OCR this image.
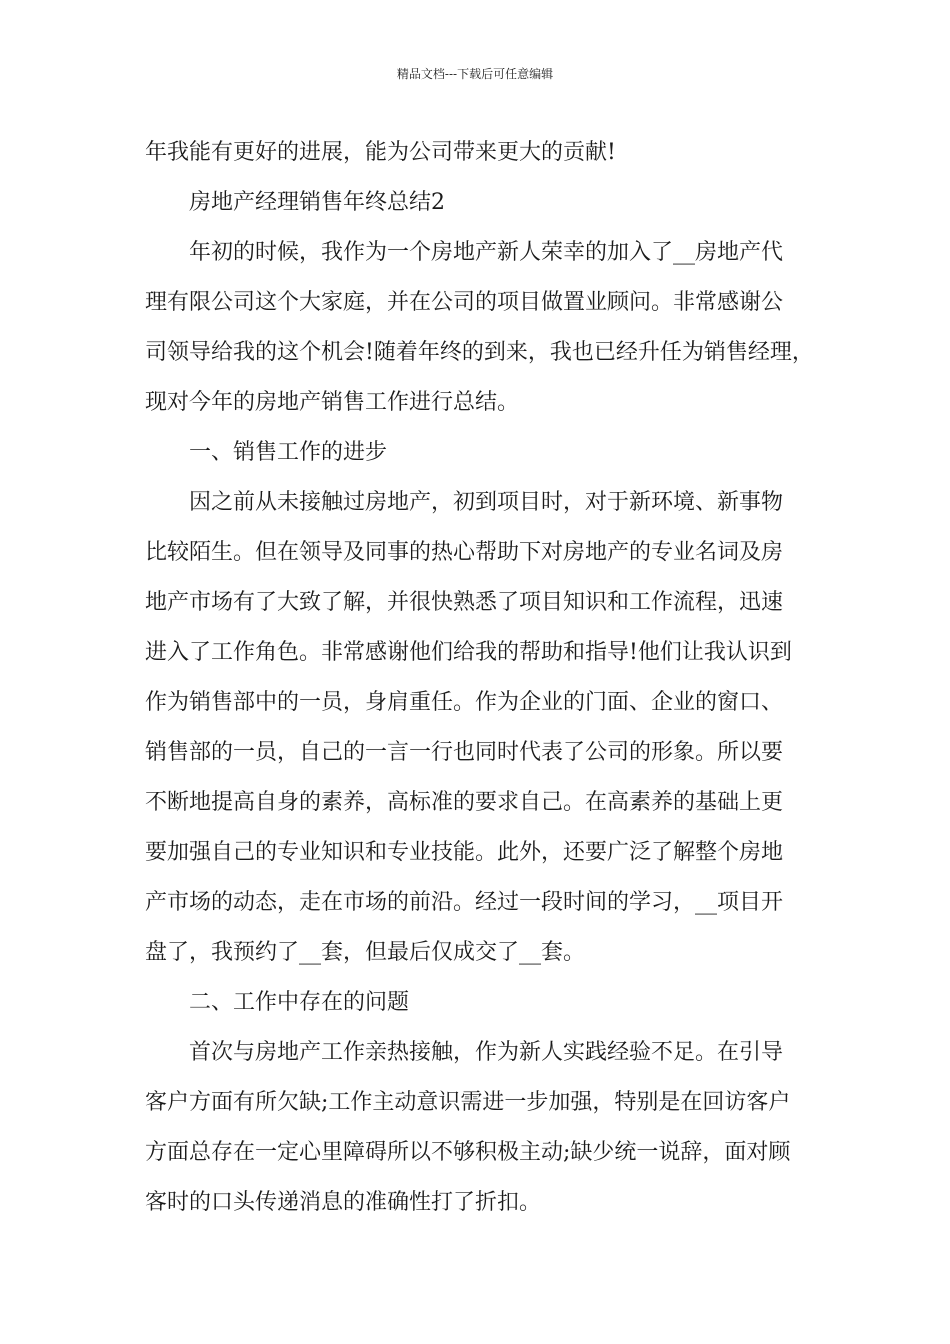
精品文档---下载后可任意编辑
年我能有更好的进展，能为公司带来更大的贡献!
房地产经理销售年终总结2
年初的时候，我作为一个房地产新人荣幸的加入了__房地产代
理有限公司这个大家庭，并在公司的项目做置业顾问。非常感谢公
司领导给我的这个机会!随着年终的到来，我也已经升任为销售经理，
现对今年的房地产销售工作进行总结。
一、销售工作的进步
因之前从未接触过房地产，初到项目时，对于新环境、新事物
比较陌生。但在领导及同事的热心帮助下对房地产的专业名词及房
地产市场有了大致了解，并很快熟悉了项目知识和工作流程，迅速
进入了工作角色。非常感谢他们给我的帮助和指导!他们让我认识到
作为销售部中的一员，身肩重任。作为企业的门面、企业的窗口、
销售部的一员，自己的一言一行也同时代表了公司的形象。所以要
不断地提高自身的素养，高标准的要求自己。在高素养的基础上更
要加强自己的专业知识和专业技能。此外，还要广泛了解整个房地
产市场的动态，走在市场的前沿。经过一段时间的学习，__项目开
盘了，我预约了__套，但最后仅成交了__套。
二、工作中存在的问题
首次与房地产工作亲热接触，作为新人实践经验不足。在引导
客户方面有所欠缺;工作主动意识需进一步加强，特别是在回访客户
方面总存在一定心里障碍所以不够积极主动;缺少统一说辞，面对顾
客时的口头传递消息的准确性打了折扣。
